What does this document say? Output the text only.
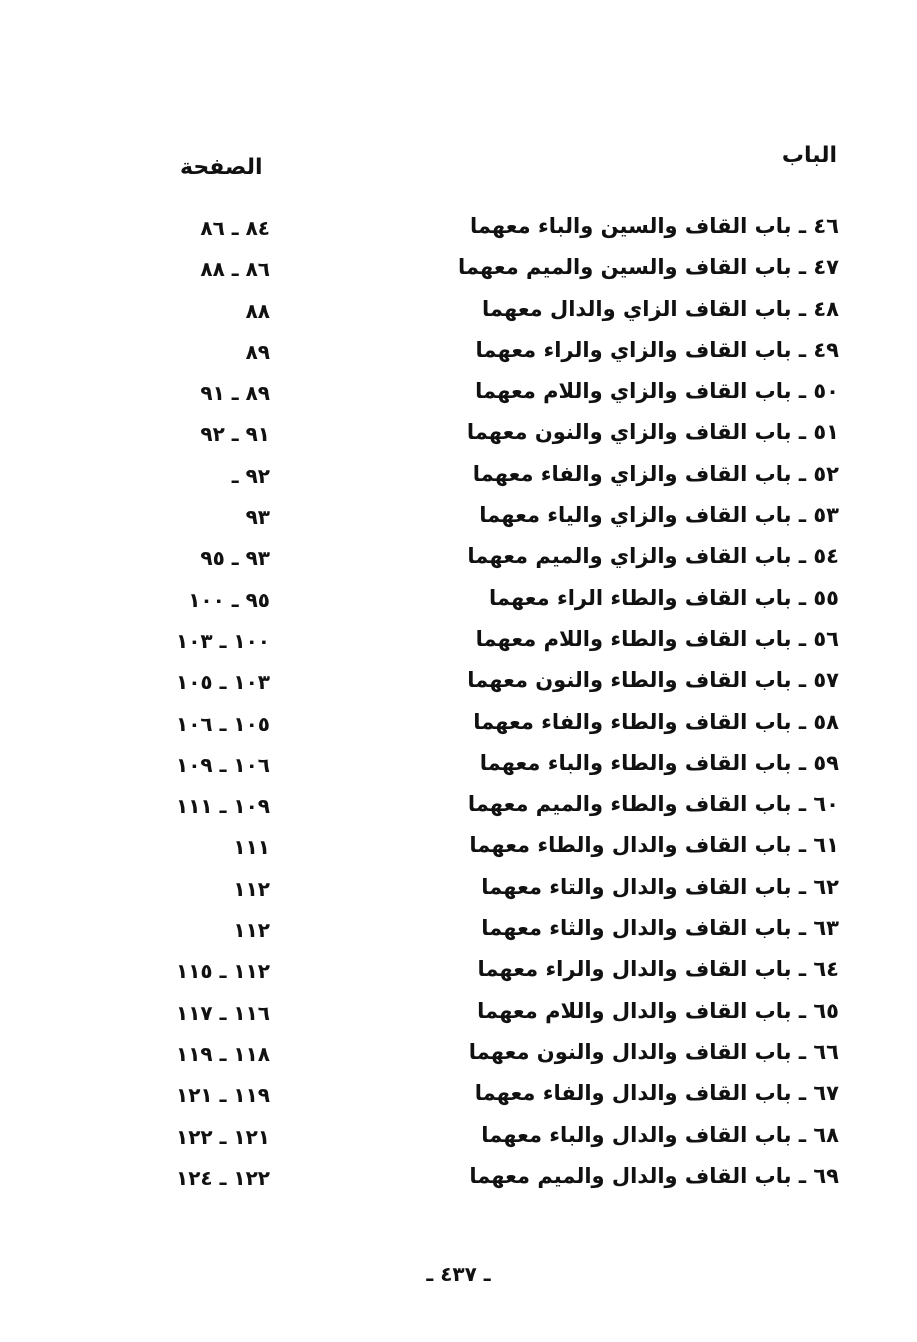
الباب
الصفحة
٤٦ ـ باب القاف والسين والباء معهما
٨٤ ـ ٨٦
٤٧ ـ باب القاف والسين والميم معهما
٨٦ ـ ٨٨
٤٨ ـ باب القاف الزاي والدال معهما
٨٨
٤٩ ـ باب القاف والزاي والراء معهما
٨٩
٥٠ ـ باب القاف والزاي واللام معهما
٨٩ ـ ٩١
٥١ ـ باب القاف والزاي والنون معهما
٩١ ـ ٩٢
٥٢ ـ باب القاف والزاي والفاء معهما
٩٢ ـ
٥٣ ـ باب القاف والزاي والياء معهما
٩٣
٥٤ ـ باب القاف والزاي والميم معهما
٩٣ ـ ٩٥
٥٥ ـ باب القاف والطاء الراء معهما
٩٥ ـ ١٠٠
٥٦ ـ باب القاف والطاء واللام معهما
١٠٠ ـ ١٠٣
٥٧ ـ باب القاف والطاء والنون معهما
١٠٣ ـ ١٠٥
٥٨ ـ باب القاف والطاء والفاء معهما
١٠٥ ـ ١٠٦
٥٩ ـ باب القاف والطاء والباء معهما
١٠٦ ـ ١٠٩
٦٠ ـ باب القاف والطاء والميم معهما
١٠٩ ـ ١١١
٦١ ـ باب القاف والدال والطاء معهما
١١١
٦٢ ـ باب القاف والدال والتاء معهما
١١٢
٦٣ ـ باب القاف والدال والثاء معهما
١١٢
٦٤ ـ باب القاف والدال والراء معهما
١١٢ ـ ١١٥
٦٥ ـ باب القاف والدال واللام معهما
١١٦ ـ ١١٧
٦٦ ـ باب القاف والدال والنون معهما
١١٨ ـ ١١٩
٦٧ ـ باب القاف والدال والفاء معهما
١١٩ ـ ١٢١
٦٨ ـ باب القاف والدال والباء معهما
١٢١ ـ ١٢٢
٦٩ ـ باب القاف والدال والميم معهما
١٢٢ ـ ١٢٤
ـ ٤٣٧ ـ
